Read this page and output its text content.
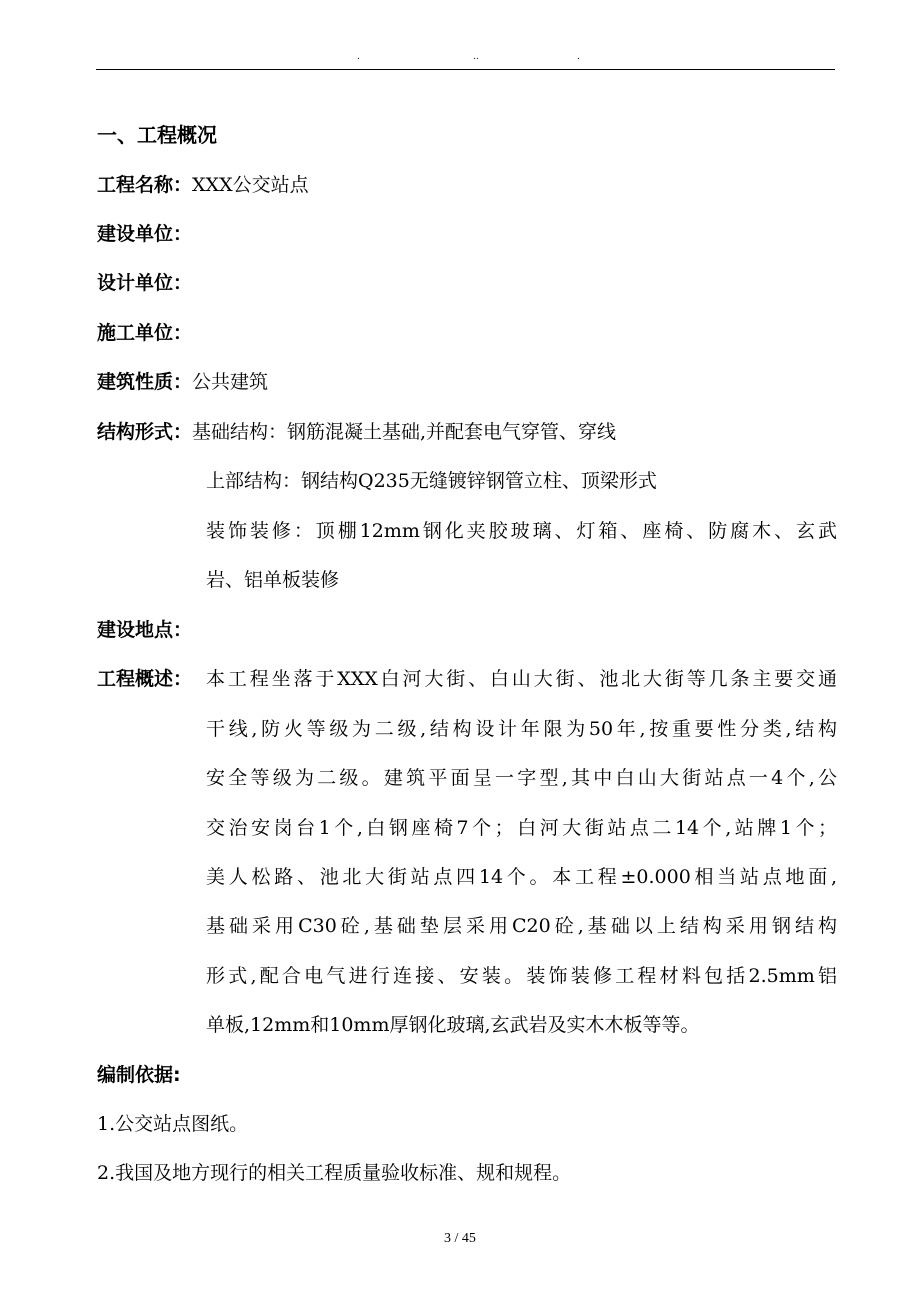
.	..	.
一、工程概况
工程名称：XXX公交站点
建设单位：
设计单位：
施工单位：
建筑性质：公共建筑
结构形式：基础结构：钢筋混凝土基础,并配套电气穿管、穿线
上部结构：钢结构Q235无缝镀锌钢管立柱、顶梁形式
装饰装修：顶棚12mm钢化夹胶玻璃、灯箱、座椅、防腐木、玄武
岩、铝单板装修
建设地点：
工程概述： 本工程坐落于XXX白河大街、白山大街、池北大街等几条主要交通
干线,防火等级为二级,结构设计年限为50年,按重要性分类,结构
安全等级为二级。建筑平面呈一字型,其中白山大街站点一4个,公
交治安岗台1个,白钢座椅7个；白河大街站点二14个,站牌1个；
美人松路、池北大街站点四14个。本工程±0.000相当站点地面,
基础采用C30砼,基础垫层采用C20砼,基础以上结构采用钢结构
形式,配合电气进行连接、安装。装饰装修工程材料包括2.5mm铝
单板,12mm和10mm厚钢化玻璃,玄武岩及实木木板等等。
编制依据:
1.公交站点图纸。
2.我国及地方现行的相关工程质量验收标准、规和规程。
3 / 45
